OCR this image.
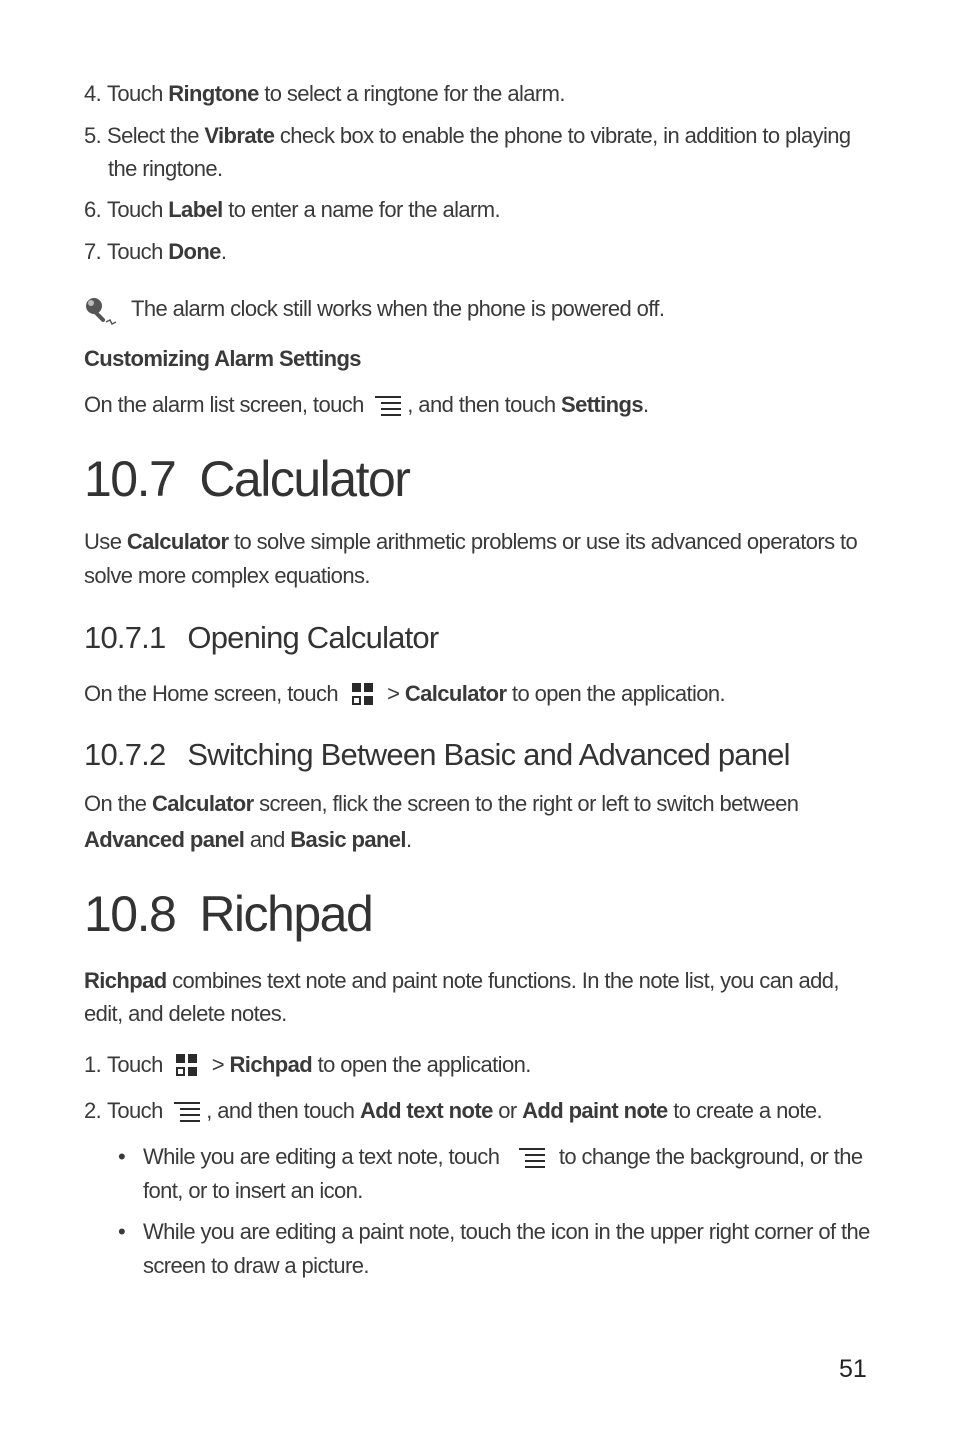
4. Touch Ringtone to select a ringtone for the alarm.
5. Select the Vibrate check box to enable the phone to vibrate, in addition to playing
the ringtone.
6. Touch Label to enter a name for the alarm.
7. Touch Done.
The alarm clock still works when the phone is powered off.
Customizing Alarm Settings
On the alarm list screen, touch , and then touch Settings.
10.7 Calculator
Use Calculator to solve simple arithmetic problems or use its advanced operators to
solve more complex equations.
10.7.1 Opening Calculator
On the Home screen, touch > Calculator to open the application.
10.7.2 Switching Between Basic and Advanced panel
On the Calculator screen, flick the screen to the right or left to switch between
Advanced panel and Basic panel.
10.8 Richpad
Richpad combines text note and paint note functions. In the note list, you can add,
edit, and delete notes.
1. Touch > Richpad to open the application.
2. Touch , and then touch Add text note or Add paint note to create a note.
• While you are editing a text note, touch	to change the background, or the
font, or to insert an icon.
• While you are editing a paint note, touch the icon in the upper right corner of the
screen to draw a picture.
51
